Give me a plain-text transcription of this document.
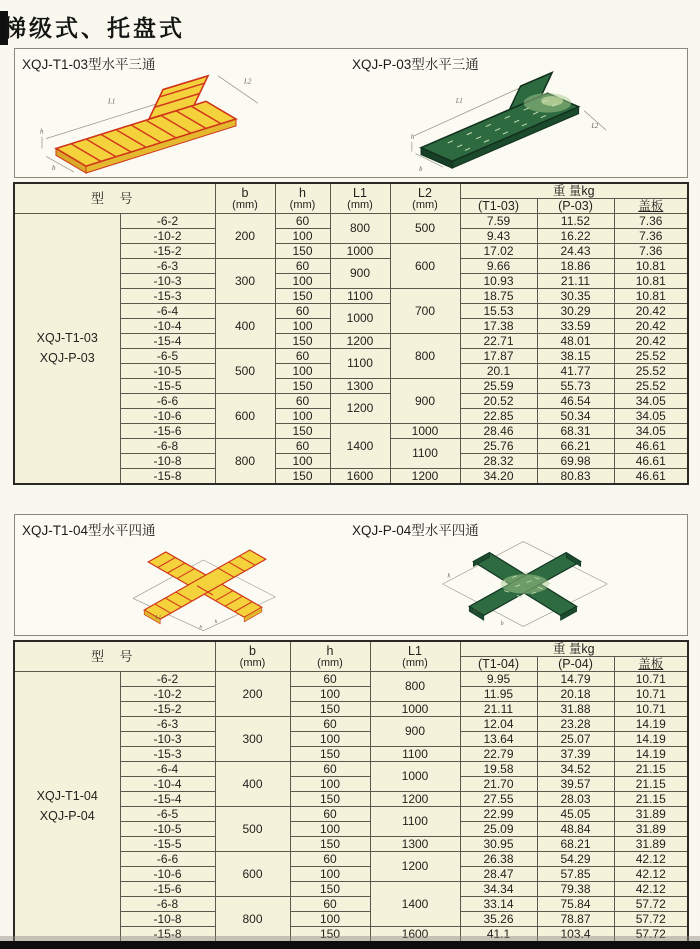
梯级式、托盘式
XQJ-T1-03型水平三通	XQJ-P-03型水平三通
L1
L2
b
h
L1
L2
b
h
型 号	b
(mm)

h
(mm)

L1
(mm)

L2
(mm)
	重 量kg
						(T1-03)	(P-03)	盖板

XQJ-T1-03
XQJ-P-03	-6-2	200	60	800	500	7.59	11.52	7.36
	-10-2		100			9.43	16.22	7.36
	-15-2		150	1000	600	17.02	24.43	7.36
	-6-3	300	60	900		9.66	18.86	10.81
	-10-3		100			10.93	21.11	10.81
	-15-3		150	1100	700	18.75	30.35	10.81
	-6-4	400	60	1000		15.53	30.29	20.42
	-10-4		100			17.38	33.59	20.42
	-15-4		150	1200	800	22.71	48.01	20.42
	-6-5	500	60	1100		17.87	38.15	25.52
	-10-5		100			20.1	41.77	25.52
	-15-5		150	1300	900	25.59	55.73	25.52
	-6-6	600	60	1200		20.52	46.54	34.05
	-10-6		100			22.85	50.34	34.05
	-15-6		150	1400	1000	28.46	68.31	34.05
	-6-8	800	60		1100	25.76	66.21	46.61
	-10-8		100			28.32	69.98	46.61
	-15-8		150	1600	1200	34.20	80.83	46.61
XQJ-T1-04型水平四通	XQJ-P-04型水平四通
L1
b
h
L1
b
h
型 号	b
(mm)

h
(mm)

L1
(mm)
	重 量kg
					(T1-04)	(P-04)	盖板

XQJ-T1-04
XQJ-P-04	-6-2	200	60	800	9.95	14.79	10.71
	-10-2		100		11.95	20.18	10.71
	-15-2		150	1000	21.11	31.88	10.71
	-6-3	300	60	900	12.04	23.28	14.19
	-10-3		100		13.64	25.07	14.19
	-15-3		150	1100	22.79	37.39	14.19
	-6-4	400	60	1000	19.58	34.52	21.15
	-10-4		100		21.70	39.57	21.15
	-15-4		150	1200	27.55	28.03	21.15
	-6-5	500	60	1100	22.99	45.05	31.89
	-10-5		100		25.09	48.84	31.89
	-15-5		150	1300	30.95	68.21	31.89
	-6-6	600	60	1200	26.38	54.29	42.12
	-10-6		100		28.47	57.85	42.12
	-15-6		150	1400	34.34	79.38	42.12
	-6-8	800	60		33.14	75.84	57.72
	-10-8		100		35.26	78.87	57.72
	-15-8		150	1600	41.1	103.4	57.72
